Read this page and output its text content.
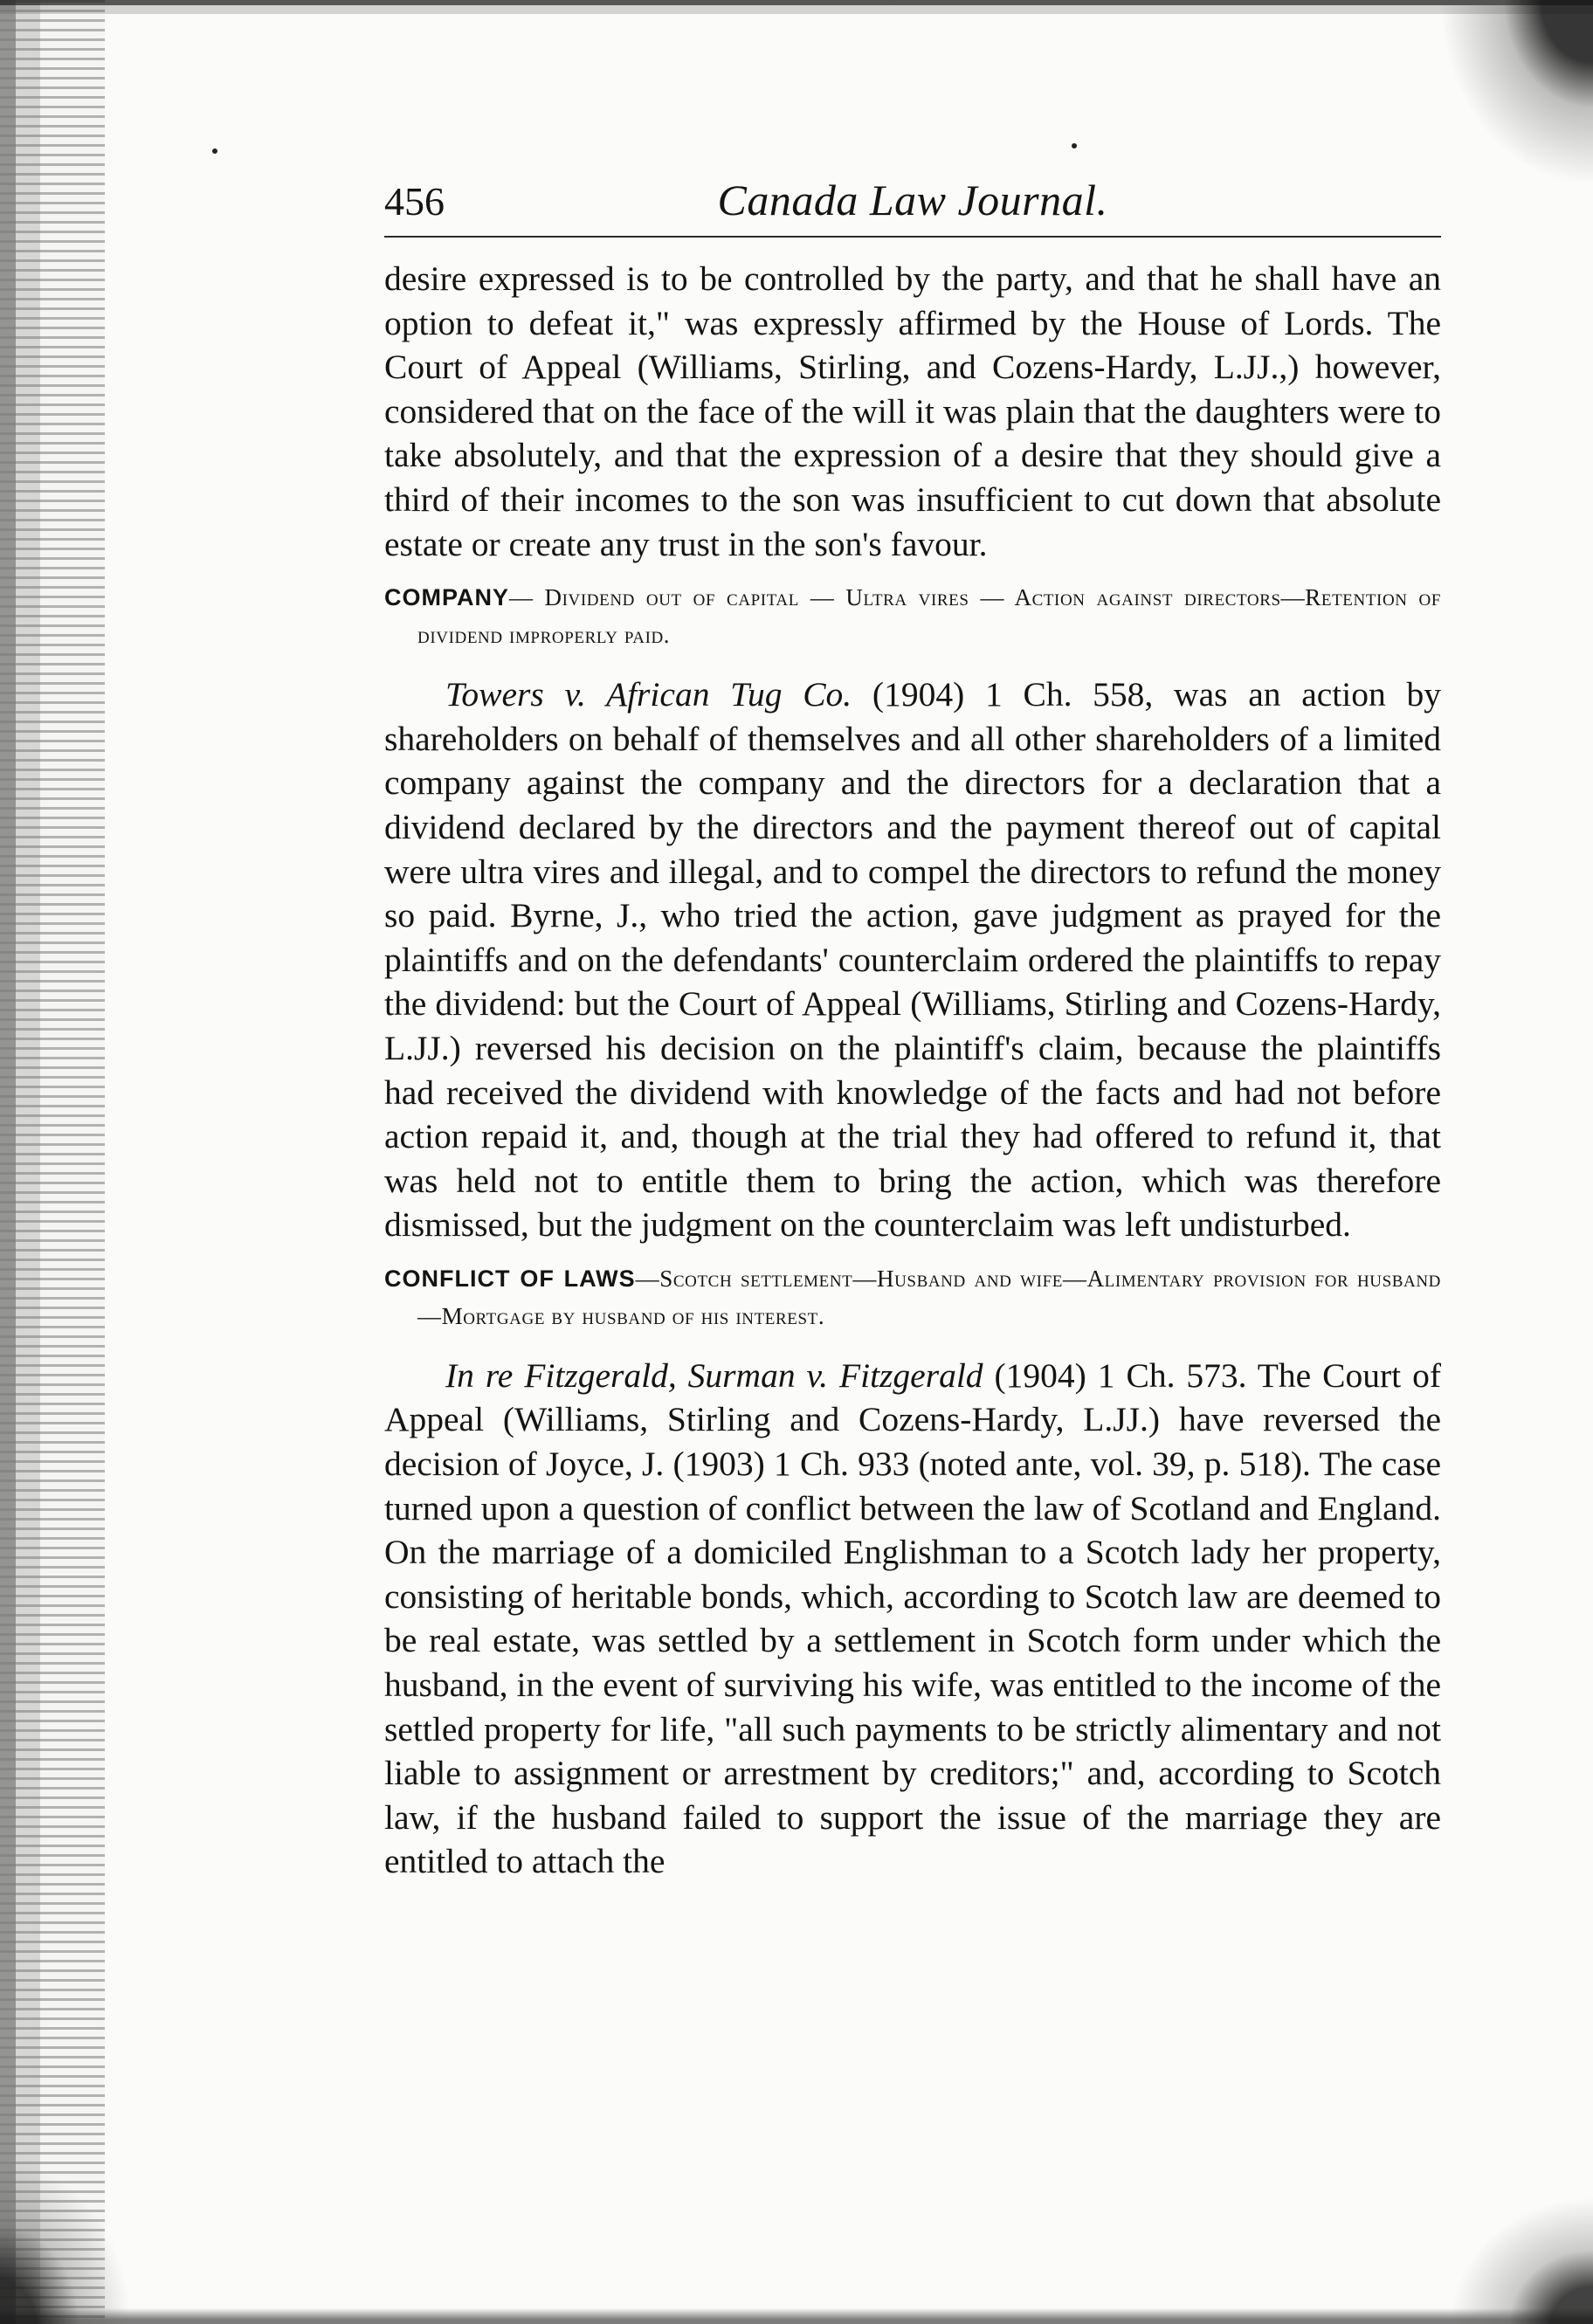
456	Canada Law Journal.

desire expressed is to be controlled by the party, and that he shall have an option to defeat it," was expressly affirmed by the House of Lords. The Court of Appeal (Williams, Stirling, and Cozens-Hardy, L.JJ.,) however, considered that on the face of the will it was plain that the daughters were to take absolutely, and that the expression of a desire that they should give a third of their incomes to the son was insufficient to cut down that absolute estate or create any trust in the son's favour.

COMPANY— Dividend out of capital — Ultra vires — Action against directors—Retention of dividend improperly paid.

Towers v. African Tug Co. (1904) 1 Ch. 558, was an action by shareholders on behalf of themselves and all other shareholders of a limited company against the company and the directors for a declaration that a dividend declared by the directors and the payment thereof out of capital were ultra vires and illegal, and to compel the directors to refund the money so paid. Byrne, J., who tried the action, gave judgment as prayed for the plaintiffs and on the defendants' counterclaim ordered the plaintiffs to repay the dividend: but the Court of Appeal (Williams, Stirling and Cozens-Hardy, L.JJ.) reversed his decision on the plaintiff's claim, because the plaintiffs had received the dividend with knowledge of the facts and had not before action repaid it, and, though at the trial they had offered to refund it, that was held not to entitle them to bring the action, which was therefore dismissed, but the judgment on the counterclaim was left undisturbed.

CONFLICT OF LAWS—Scotch settlement—Husband and wife—Alimentary provision for husband—Mortgage by husband of his interest.

In re Fitzgerald, Surman v. Fitzgerald (1904) 1 Ch. 573. The Court of Appeal (Williams, Stirling and Cozens-Hardy, L.JJ.) have reversed the decision of Joyce, J. (1903) 1 Ch. 933 (noted ante, vol. 39, p. 518). The case turned upon a question of conflict between the law of Scotland and England. On the marriage of a domiciled Englishman to a Scotch lady her property, consisting of heritable bonds, which, according to Scotch law are deemed to be real estate, was settled by a settlement in Scotch form under which the husband, in the event of surviving his wife, was entitled to the income of the settled property for life, "all such payments to be strictly alimentary and not liable to assignment or arrestment by creditors;" and, according to Scotch law, if the husband failed to support the issue of the marriage they are entitled to attach the
